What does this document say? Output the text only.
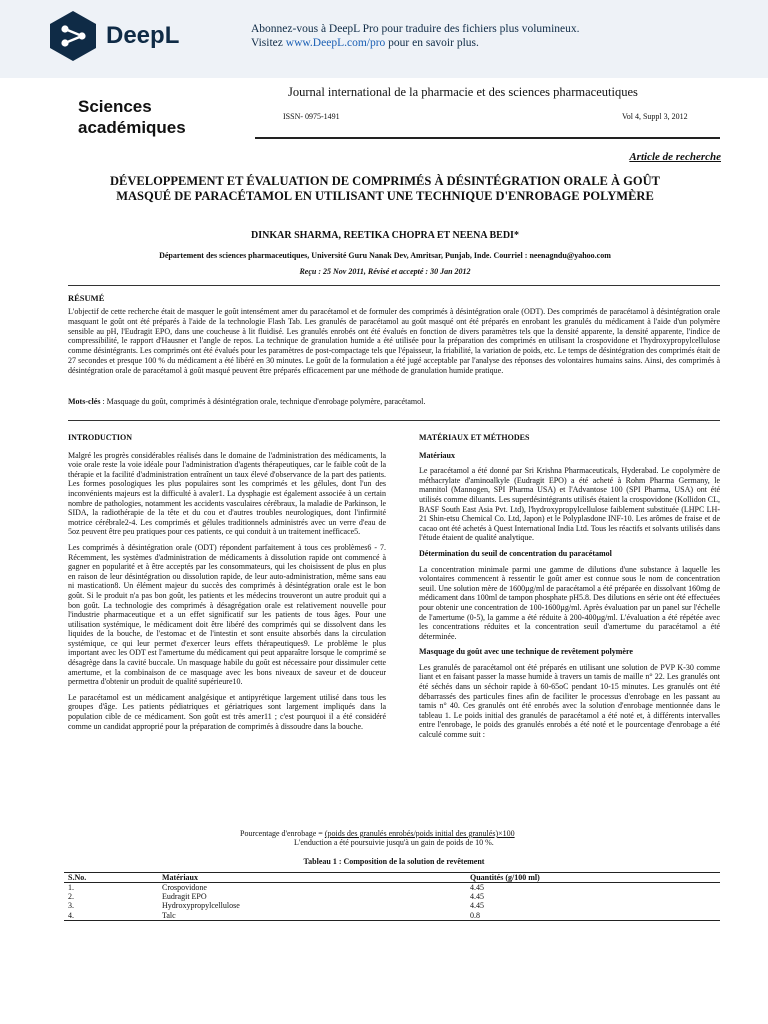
DeepL	Abonnez-vous à DeepL Pro pour traduire des fichiers plus volumineux.
Visitez www.DeepL.com/pro pour en savoir plus.
Sciences
académiques
Journal international de la pharmacie et des sciences pharmaceutiques
ISSN- 0975-1491	Vol 4, Suppl 3, 2012
Article de recherche
DÉVELOPPEMENT ET ÉVALUATION DE COMPRIMÉS À DÉSINTÉGRATION ORALE À GOÛT
MASQUÉ DE PARACÉTAMOL EN UTILISANT UNE TECHNIQUE D'ENROBAGE POLYMÈRE
DINKAR SHARMA, REETIKA CHOPRA ET NEENA BEDI*
Département des sciences pharmaceutiques, Université Guru Nanak Dev, Amritsar, Punjab, Inde. Courriel : neenagndu@yahoo.com
Reçu : 25 Nov 2011, Révisé et accepté : 30 Jan 2012
RÉSUMÉ
L'objectif de cette recherche était de masquer le goût intensément amer du paracétamol et de formuler des comprimés à désintégration orale (ODT). Des comprimés de paracétamol à désintégration orale masquant le goût ont été préparés à l'aide de la technologie Flash Tab. Les granulés de paracétamol au goût masqué ont été préparés en enrobant les granulés du médicament à l'aide d'un polymère sensible au pH, l'Eudragit EPO, dans une coucheuse à lit fluidisé. Les granulés enrobés ont été évalués en fonction de divers paramètres tels que la densité apparente, la densité apparente, l'indice de compressibilité, le rapport d'Hausner et l'angle de repos. La technique de granulation humide a été utilisée pour la préparation des comprimés en utilisant la crospovidone et l'hydroxypropylcellulose comme désintégrants. Les comprimés ont été évalués pour les paramètres de post-compactage tels que l'épaisseur, la friabilité, la variation de poids, etc. Le temps de désintégration des comprimés était de 27 secondes et presque 100 % du médicament a été libéré en 30 minutes. Le goût de la formulation a été jugé acceptable par l'analyse des réponses des volontaires humains sains. Ainsi, des comprimés à désintégration orale de paracétamol à goût masqué peuvent être préparés efficacement par une méthode de granulation humide pratique.
Mots-clés : Masquage du goût, comprimés à désintégration orale, technique d'enrobage polymère, paracétamol.
INTRODUCTION

Malgré les progrès considérables réalisés dans le domaine de l'administration des médicaments, la voie orale reste la voie idéale pour l'administration d'agents thérapeutiques, car le faible coût de la thérapie et la facilité d'administration entraînent un taux élevé d'observance de la part des patients. Les formes posologiques les plus populaires sont les comprimés et les gélules, dont l'un des inconvénients majeurs est la difficulté à avaler1. La dysphagie est également associée à un certain nombre de pathologies, notamment les accidents vasculaires cérébraux, la maladie de Parkinson, le SIDA, la radiothérapie de la tête et du cou et d'autres troubles neurologiques, dont l'infirmité motrice cérébrale2-4. Les comprimés et gélules traditionnels administrés avec un verre d'eau de 5oz peuvent être peu pratiques pour ces patients, ce qui conduit à un traitement inefficace5.

Les comprimés à désintégration orale (ODT) répondent parfaitement à tous ces problèmes6 - 7. Récemment, les systèmes d'administration de médicaments à dissolution rapide ont commencé à gagner en popularité et à être acceptés par les consommateurs, qui les choisissent de plus en plus en raison de leur désintégration ou dissolution rapide, de leur auto-administration, même sans eau ni mastication8. Un élément majeur du succès des comprimés à désintégration orale est le bon goût. Si le produit n'a pas bon goût, les patients et les médecins trouveront un autre produit qui a bon goût. La technologie des comprimés à désagrégation orale est relativement nouvelle pour l'industrie pharmaceutique et a un effet significatif sur les patients de tous âges. Pour une utilisation systémique, le médicament doit être libéré des comprimés qui se dissolvent dans les liquides de la bouche, de l'estomac et de l'intestin et sont ensuite absorbés dans la circulation systémique, ce qui leur permet d'exercer leurs effets thérapeutiques9. Le problème le plus important avec les ODT est l'amertume du médicament qui peut apparaître lorsque le comprimé se désagrège dans la cavité buccale. Un masquage habile du goût est nécessaire pour dissimuler cette amertume, et la combinaison de ce masquage avec les bons niveaux de saveur et de douceur permettra d'obtenir un produit de qualité supérieure10.

Le paracétamol est un médicament analgésique et antipyrétique largement utilisé dans tous les groupes d'âge. Les patients pédiatriques et gériatriques sont largement impliqués dans la population cible de ce médicament. Son goût est très amer11 ; c'est pourquoi il a été considéré comme un candidat approprié pour la préparation de comprimés à dissoudre dans la bouche.

MATÉRIAUX ET MÉTHODES
Matériaux

Le paracétamol a été donné par Sri Krishna Pharmaceuticals, Hyderabad. Le copolymère de méthacrylate d'aminoalkyle (Eudragit EPO) a été acheté à Rohm Pharma Germany, le mannitol (Mannogen, SPI Pharma USA) et l'Advantose 100 (SPI Pharma, USA) ont été utilisés comme diluants. Les superdésintégrants utilisés étaient la crospovidone (Kollidon CL, BASF South East Asia Pvt. Ltd), l'hydroxypropylcellulose faiblement substituée (LHPC LH-21 Shin-etsu Chemical Co. Ltd, Japon) et le Polyplasdone INF-10. Les arômes de fraise et de cacao ont été achetés à Quest International India Ltd. Tous les réactifs et solvants utilisés dans l'étude étaient de qualité analytique.

Détermination du seuil de concentration du paracétamol

La concentration minimale parmi une gamme de dilutions d'une substance à laquelle les volontaires commencent à ressentir le goût amer est connue sous le nom de concentration seuil. Une solution mère de 1600µg/ml de paracétamol a été préparée en dissolvant 160mg de médicament dans 100ml de tampon phosphate pH5.8. Des dilutions en série ont été effectuées pour obtenir une concentration de 100-1600µg/ml. Après évaluation par un panel sur l'échelle de l'amertume (0-5), la gamme a été réduite à 200-400µg/ml. L'évaluation a été répétée avec les concentrations réduites et la concentration seuil d'amertume du paracétamol a été déterminée.

Masquage du goût avec une technique de revêtement polymère

Les granulés de paracétamol ont été préparés en utilisant une solution de PVP K-30 comme liant et en faisant passer la masse humide à travers un tamis de maille n° 22. Les granulés ont été séchés dans un séchoir rapide à 60-65oC pendant 10-15 minutes. Les granulés ont été débarrassés des particules fines afin de faciliter le processus d'enrobage en les passant au tamis n° 40. Ces granulés ont été enrobés avec la solution d'enrobage mentionnée dans le tableau 1. Le poids initial des granulés de paracétamol a été noté et, à différents intervalles entre l'enrobage, le poids des granulés enrobés a été noté et le pourcentage d'enrobage a été calculé comme suit :

Pourcentage d'enrobage = (poids des granulés enrobés/poids initial des granulés)×100
L'enduction a été poursuivie jusqu'à un gain de poids de 10 %.
Tableau 1 : Composition de la solution de revêtement
S.No.	Matériaux	Quantités (g/100 ml)
1.	Crospovidone	4.45
2.	Eudragit EPO	4.45
3.	Hydroxypropylcellulose	4.45
4.	Talc	0.8
